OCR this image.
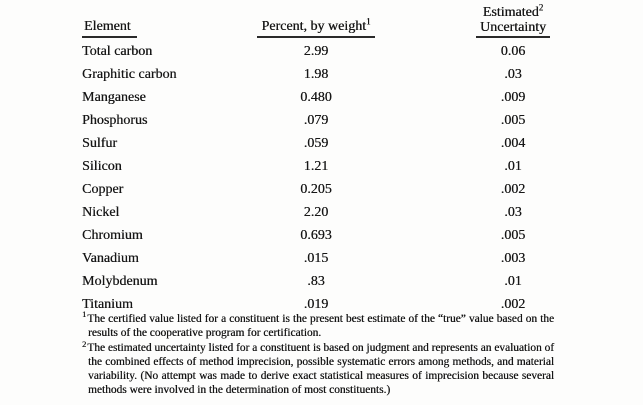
Element	Percent, by weight$^1$	Estimated$^2$
Uncertainty
Total carbon	2.99	0.06
Graphitic carbon	1.98	.03
Manganese	0.480	.009
Phosphorus	.079	.005
Sulfur	.059	.004
Silicon	1.21	.01
Copper	0.205	.002
Nickel	2.20	.03
Chromium	0.693	.005
Vanadium	.015	.003
Molybdenum	.83	.01
Titanium	.019	.002

$^1$The certified value listed for a constituent is the present best estimate of the “true” value based on the results of the cooperative program for certification.

$^2$The estimated uncertainty listed for a constituent is based on judgment and represents an evaluation of the combined effects of method imprecision, possible systematic errors among methods, and material variability. (No attempt was made to derive exact statistical measures of imprecision because several methods were involved in the determination of most constituents.)
